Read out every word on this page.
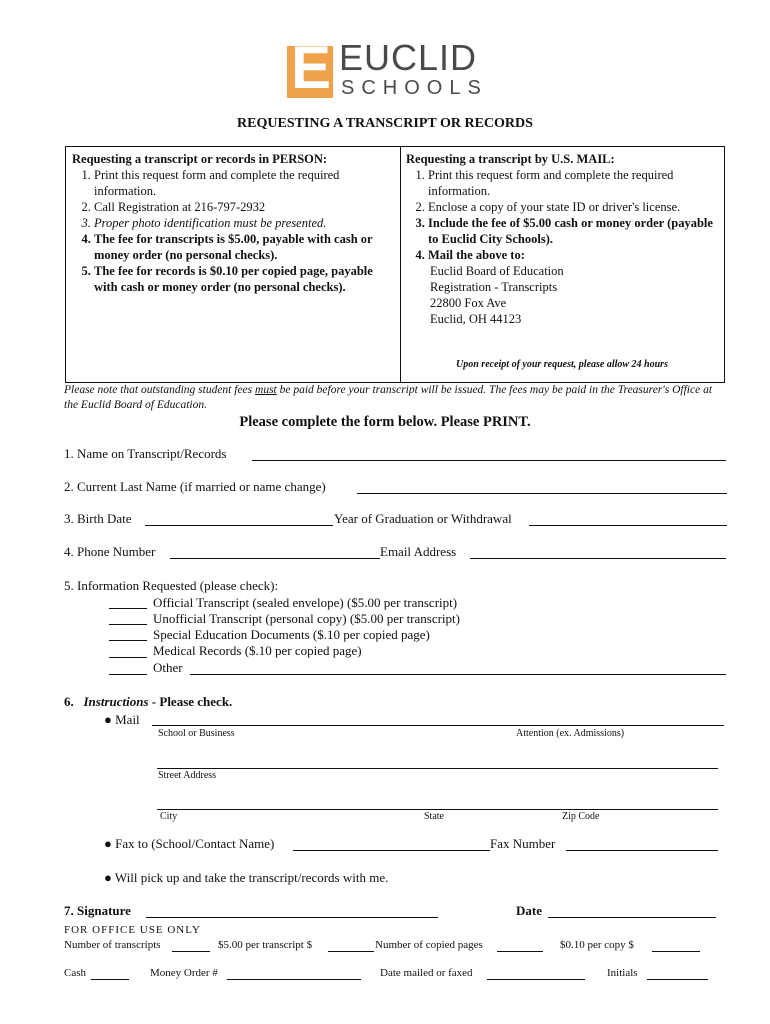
E EUCLID
SCHOOLS
REQUESTING A TRANSCRIPT OR RECORDS
Requesting a transcript or records in PERSON:
1. Print this request form and complete the required information.
2. Call Registration at 216-797-2932
3. Proper photo identification must be presented.
4. The fee for transcripts is $5.00, payable with cash or money order (no personal checks).
5. The fee for records is $0.10 per copied page, payable with cash or money order (no personal checks).
Requesting a transcript by U.S. MAIL:
1. Print this request form and complete the required information.
2. Enclose a copy of your state ID or driver's license.
3. Include the fee of $5.00 cash or money order (payable to Euclid City Schools).
4. Mail the above to:
Euclid Board of Education
Registration - Transcripts
22800 Fox Ave
Euclid, OH 44123
Upon receipt of your request, please allow 24 hours
Please note that outstanding student fees must be paid before your transcript will be issued. The fees may be paid in the Treasurer's Office at the Euclid Board of Education.
Please complete the form below. Please PRINT.
1. Name on Transcript/Records
2. Current Last Name (if married or name change)
3. Birth Date	Year of Graduation or Withdrawal
4. Phone Number	Email Address
5. Information Requested (please check):
Official Transcript (sealed envelope) ($5.00 per transcript)
Unofficial Transcript (personal copy) ($5.00 per transcript)
Special Education Documents ($.10 per copied page)
Medical Records ($.10 per copied page)
Other
6. Instructions - Please check.
● Mail
School or Business	Attention (ex. Admissions)
Street Address
City	State	Zip Code
● Fax to (School/Contact Name)	Fax Number
● Will pick up and take the transcript/records with me.
7. Signature	Date
FOR OFFICE USE ONLY
Number of transcripts	$5.00 per transcript $	Number of copied pages	$0.10 per copy $
Cash	Money Order #	Date mailed or faxed	Initials
